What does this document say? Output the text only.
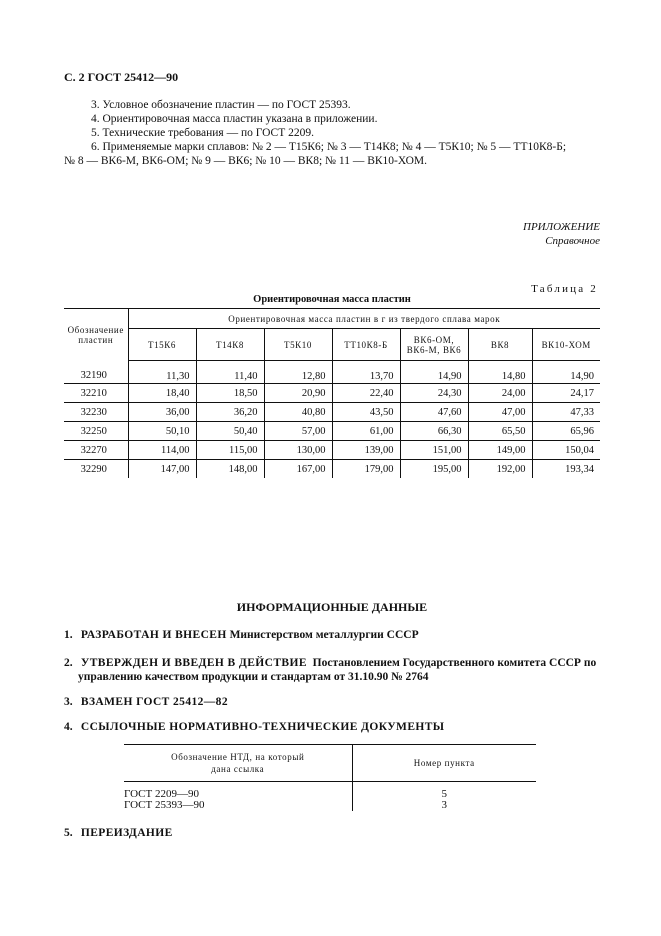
С. 2 ГОСТ 25412—90
3. Условное обозначение пластин — по ГОСТ 25393.
4. Ориентировочная масса пластин указана в приложении.
5. Технические требования — по ГОСТ 2209.
6. Применяемые марки сплавов: № 2 — Т15К6; № 3 — Т14К8; № 4 — Т5К10; № 5 — ТТ10К8-Б;
№ 8 — ВК6-М, ВК6-ОМ; № 9 — ВК6; № 10 — ВК8; № 11 — ВК10-ХОМ.
ПРИЛОЖЕНИЕ
Справочное
Таблица 2
Ориентировочная масса пластин
Обозначение пластин	Ориентировочная масса пластин в г из твердого сплава марок						
	Т15К6	Т14К8	Т5К10	ТТ10К8-Б	ВК6-ОМ, ВК6-М, ВК6	ВК8	ВК10-ХОМ
32190	11,30	11,40	12,80	13,70	14,90	14,80	14,90
32210	18,40	18,50	20,90	22,40	24,30	24,00	24,17
32230	36,00	36,20	40,80	43,50	47,60	47,00	47,33
32250	50,10	50,40	57,00	61,00	66,30	65,50	65,96
32270	114,00	115,00	130,00	139,00	151,00	149,00	150,04
32290	147,00	148,00	167,00	179,00	195,00	192,00	193,34
ИНФОРМАЦИОННЫЕ ДАННЫЕ
1. РАЗРАБОТАН И ВНЕСЕН Министерством металлургии СССР
2. УТВЕРЖДЕН И ВВЕДЕН В ДЕЙСТВИЕ Постановлением Государственного комитета СССР по
управлению качеством продукции и стандартам от 31.10.90 № 2764
3. ВЗАМЕН ГОСТ 25412—82
4. ССЫЛОЧНЫЕ НОРМАТИВНО-ТЕХНИЧЕСКИЕ ДОКУМЕНТЫ
Обозначение НТД, на который
дана ссылка	Номер пункта
ГОСТ 2209—90	5
ГОСТ 25393—90	3
5. ПЕРЕИЗДАНИЕ
